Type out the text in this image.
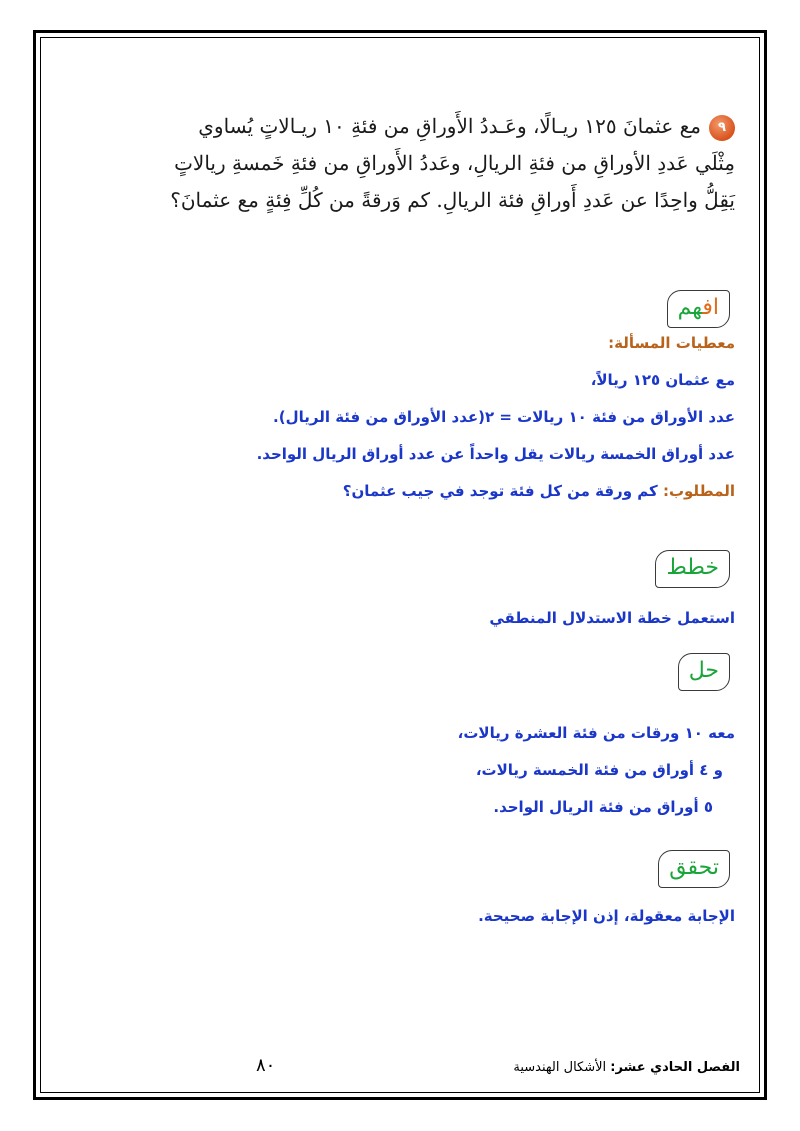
٩مع عثمانَ ١٢٥ ريـالًا، وعَـددُ الأَوراقِ من فئةِ ١٠ ريـالاتٍ يُساوي

مِثْلَي عَددِ الأوراقِ من فئةِ الريالِ، وعَددُ الأَوراقِ من فئةِ خَمسةِ ريالاتٍ

يَقِلُّ واحِدًا عن عَددِ أَوراقِ فئة الريالِ. كم وَرقةً من كُلِّ فِئةٍ مع عثمانَ؟

افهم

معطيات المسألة:

مع عثمان ١٢٥ ريالاً،

عدد الأوراق من فئة ١٠ ريالات = ٢(عدد الأوراق من فئة الريال).

عدد أوراق الخمسة ريالات يقل واحداً عن عدد أوراق الريال الواحد.

المطلوب: كم ورقة من كل فئة توجد في جيب عثمان؟

خطط

استعمل خطة الاستدلال المنطقي

حل

معه ١٠ ورقات من فئة العشرة ريالات،

و ٤ أوراق من فئة الخمسة ريالات،

٥ أوراق من فئة الريال الواحد.

تحقق

الإجابة معقولة، إذن الإجابة صحيحة.

الفصل الحادي عشر: الأشكال الهندسية
٨٠
